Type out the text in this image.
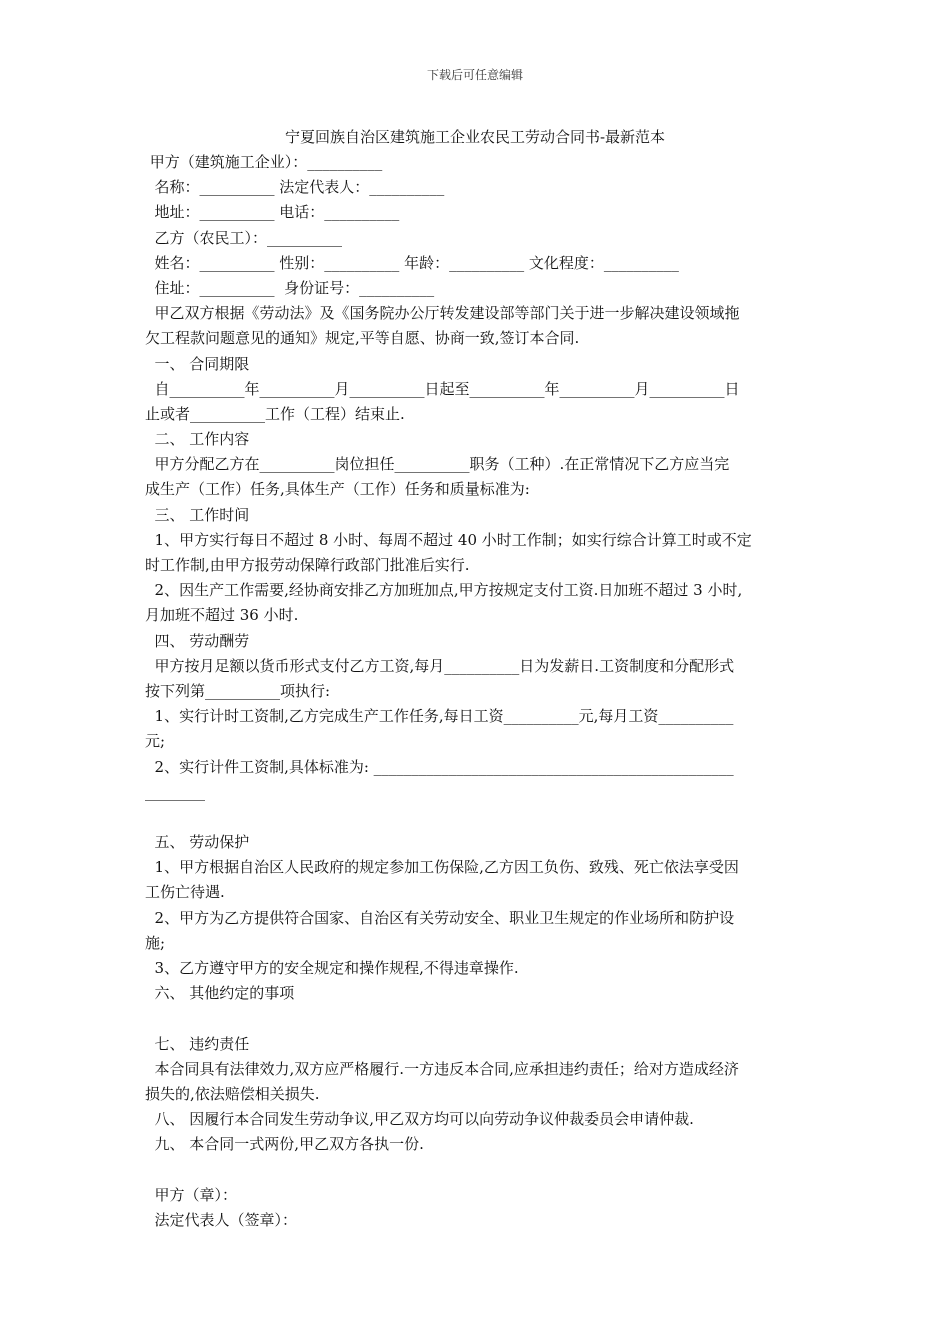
下载后可任意编辑
宁夏回族自治区建筑施工企业农民工劳动合同书-最新范本
甲方（建筑施工企业）：__________
名称：__________ 法定代表人：__________
地址：__________ 电话：__________
乙方（农民工）：__________
姓名：__________ 性别：__________ 年龄：__________ 文化程度：__________
住址：__________  身份证号：__________
甲乙双方根据《劳动法》及《国务院办公厅转发建设部等部门关于进一步解决建设领域拖
欠工程款问题意见的通知》规定,平等自愿、协商一致,签订本合同.
一、 合同期限
自__________年__________月__________日起至__________年__________月__________日
止或者__________工作（工程）结束止.
二、 工作内容
甲方分配乙方在__________岗位担任__________职务（工种）.在正常情况下乙方应当完
成生产（工作）任务,具体生产（工作）任务和质量标准为:
三、 工作时间
1、甲方实行每日不超过 8 小时、每周不超过 40 小时工作制；如实行综合计算工时或不定
时工作制,由甲方报劳动保障行政部门批准后实行.
2、因生产工作需要,经协商安排乙方加班加点,甲方按规定支付工资.日加班不超过 3 小时,
月加班不超过 36 小时.
四、 劳动酬劳
甲方按月足额以货币形式支付乙方工资,每月__________日为发薪日.工资制度和分配形式
按下列第__________项执行:
1、实行计时工资制,乙方完成生产工作任务,每日工资__________元,每月工资__________
元;
2、实行计件工资制,具体标准为: ________________________________________________
________
五、 劳动保护
1、甲方根据自治区人民政府的规定参加工伤保险,乙方因工负伤、致残、死亡依法享受因
工伤亡待遇.
2、甲方为乙方提供符合国家、自治区有关劳动安全、职业卫生规定的作业场所和防护设
施;
3、乙方遵守甲方的安全规定和操作规程,不得违章操作.
六、 其他约定的事项
七、 违约责任
本合同具有法律效力,双方应严格履行.一方违反本合同,应承担违约责任；给对方造成经济
损失的,依法赔偿相关损失.
八、 因履行本合同发生劳动争议,甲乙双方均可以向劳动争议仲裁委员会申请仲裁.
九、 本合同一式两份,甲乙双方各执一份.
甲方（章）：
法定代表人（签章）：
